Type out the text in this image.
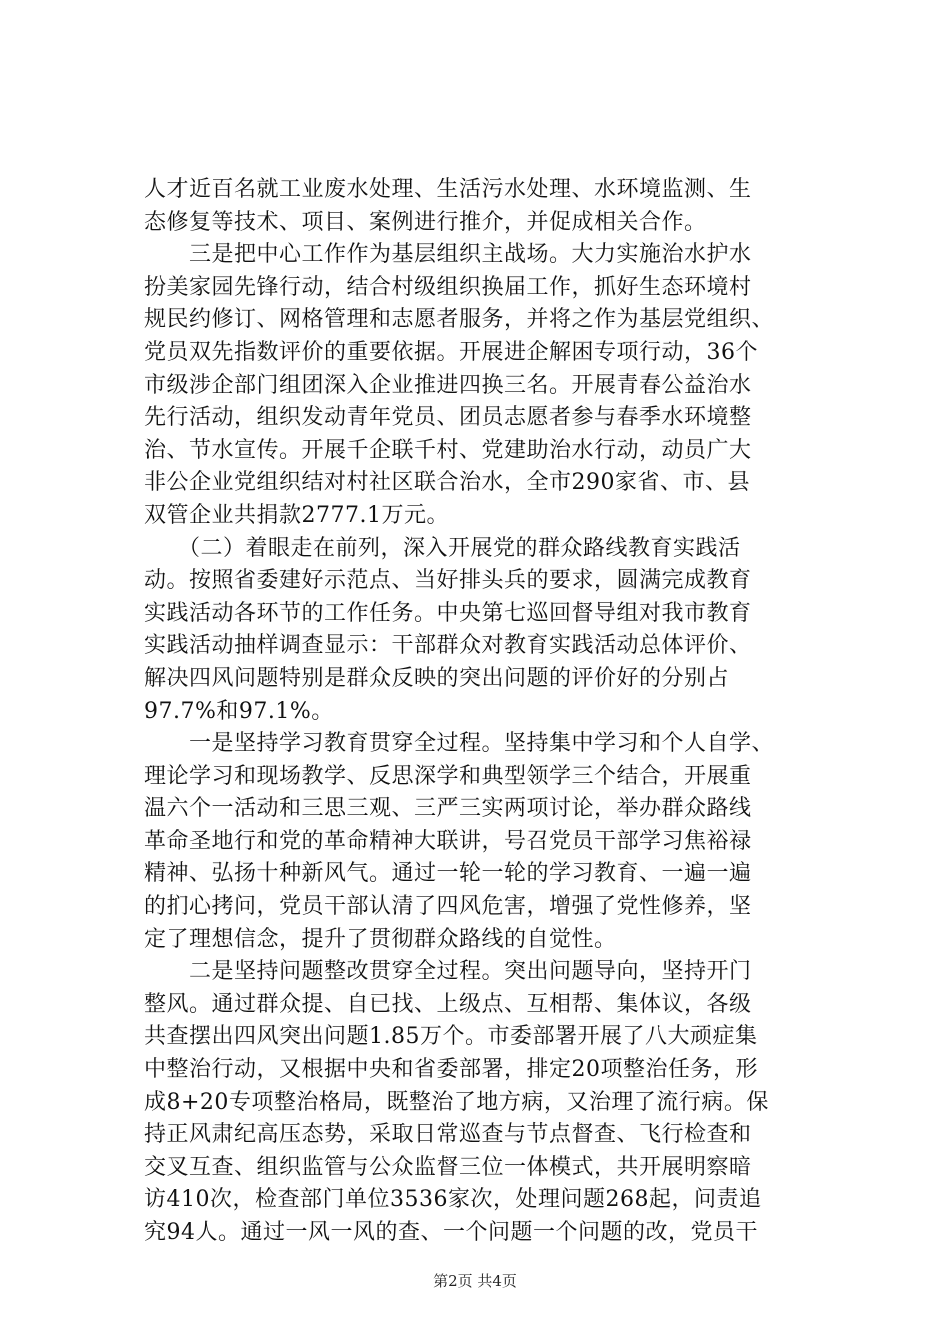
人才近百名就工业废水处理、生活污水处理、水环境监测、生
态修复等技术、项目、案例进行推介，并促成相关合作。
　　三是把中心工作作为基层组织主战场。大力实施治水护水
扮美家园先锋行动，结合村级组织换届工作，抓好生态环境村
规民约修订、网格管理和志愿者服务，并将之作为基层党组织、
党员双先指数评价的重要依据。开展进企解困专项行动，36个
市级涉企部门组团深入企业推进四换三名。开展青春公益治水
先行活动，组织发动青年党员、团员志愿者参与春季水环境整
治、节水宣传。开展千企联千村、党建助治水行动，动员广大
非公企业党组织结对村社区联合治水，全市290家省、市、县
双管企业共捐款2777.1万元。
　　（二）着眼走在前列，深入开展党的群众路线教育实践活
动。按照省委建好示范点、当好排头兵的要求，圆满完成教育
实践活动各环节的工作任务。中央第七巡回督导组对我市教育
实践活动抽样调查显示：干部群众对教育实践活动总体评价、
解决四风问题特别是群众反映的突出问题的评价好的分别占
97.7%和97.1%。
　　一是坚持学习教育贯穿全过程。坚持集中学习和个人自学、
理论学习和现场教学、反思深学和典型领学三个结合，开展重
温六个一活动和三思三观、三严三实两项讨论，举办群众路线
革命圣地行和党的革命精神大联讲，号召党员干部学习焦裕禄
精神、弘扬十种新风气。通过一轮一轮的学习教育、一遍一遍
的扪心拷问，党员干部认清了四风危害，增强了党性修养，坚
定了理想信念，提升了贯彻群众路线的自觉性。
　　二是坚持问题整改贯穿全过程。突出问题导向，坚持开门
整风。通过群众提、自已找、上级点、互相帮、集体议，各级
共查摆出四风突出问题1.85万个。市委部署开展了八大顽症集
中整治行动，又根据中央和省委部署，排定20项整治任务，形
成8+20专项整治格局，既整治了地方病，又治理了流行病。保
持正风肃纪高压态势，采取日常巡查与节点督查、飞行检查和
交叉互查、组织监管与公众监督三位一体模式，共开展明察暗
访410次，检查部门单位3536家次，处理问题268起，问责追
究94人。通过一风一风的查、一个问题一个问题的改，党员干
第2页 共4页
